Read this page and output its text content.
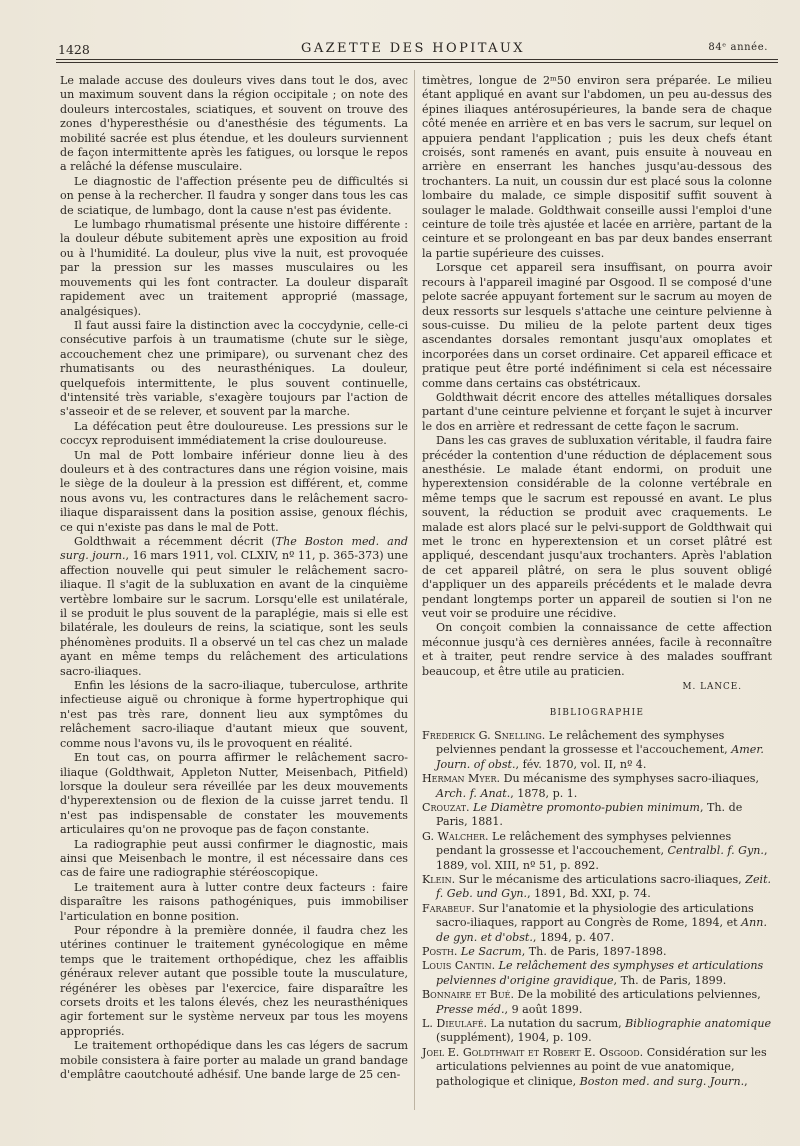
1428	GAZETTE DES HOPITAUX	84ᵉ année.

Le malade accuse des douleurs vives dans tout le dos, avec un maximum souvent dans la région occipitale ; on note des douleurs intercostales, sciatiques, et souvent on trouve des zones d'hyperesthésie ou d'anesthésie des téguments. La mobilité sacrée est plus étendue, et les douleurs surviennent de façon intermittente après les fatigues, ou lorsque le repos a relâché la défense musculaire.

Le diagnostic de l'affection présente peu de difficultés si on pense à la rechercher. Il faudra y songer dans tous les cas de sciatique, de lumbago, dont la cause n'est pas évidente.

Le lumbago rhumatismal présente une histoire différente : la douleur débute subitement après une exposition au froid ou à l'humidité. La douleur, plus vive la nuit, est provoquée par la pression sur les masses musculaires ou les mouvements qui les font contracter. La douleur disparaît rapidement avec un traitement approprié (massage, analgésiques).

Il faut aussi faire la distinction avec la coccydynie, celle-ci consécutive parfois à un traumatisme (chute sur le siège, accouchement chez une primipare), ou survenant chez des rhumatisants ou des neurasthéniques. La douleur, quelquefois intermittente, le plus souvent continuelle, d'intensité très variable, s'exagère toujours par l'action de s'asseoir et de se relever, et souvent par la marche.

La défécation peut être douloureuse. Les pressions sur le coccyx reproduisent immédiatement la crise douloureuse.

Un mal de Pott lombaire inférieur donne lieu à des douleurs et à des contractures dans une région voisine, mais le siège de la douleur à la pression est différent, et, comme nous avons vu, les contractures dans le relâchement sacro-iliaque disparaissent dans la position assise, genoux fléchis, ce qui n'existe pas dans le mal de Pott.

Goldthwait a récemment décrit (The Boston med. and surg. journ., 16 mars 1911, vol. CLXIV, nº 11, p. 365-373) une affection nouvelle qui peut simuler le relâchement sacro-iliaque. Il s'agit de la subluxation en avant de la cinquième vertèbre lombaire sur le sacrum. Lorsqu'elle est unilatérale, il se produit le plus souvent de la paraplégie, mais si elle est bilatérale, les douleurs de reins, la sciatique, sont les seuls phénomènes produits. Il a observé un tel cas chez un malade ayant en même temps du relâchement des articulations sacro-iliaques.

Enfin les lésions de la sacro-iliaque, tuberculose, arthrite infectieuse aiguë ou chronique à forme hypertrophique qui n'est pas très rare, donnent lieu aux symptômes du relâchement sacro-iliaque d'autant mieux que souvent, comme nous l'avons vu, ils le provoquent en réalité.

En tout cas, on pourra affirmer le relâchement sacro-iliaque (Goldthwait, Appleton Nutter, Meisenbach, Pitfield) lorsque la douleur sera réveillée par les deux mouvements d'hyperextension ou de flexion de la cuisse jarret tendu. Il n'est pas indispensable de constater les mouvements articulaires qu'on ne provoque pas de façon constante.

La radiographie peut aussi confirmer le diagnostic, mais ainsi que Meisenbach le montre, il est nécessaire dans ces cas de faire une radiographie stéréoscopique.

Le traitement aura à lutter contre deux facteurs : faire disparaître les raisons pathogéniques, puis immobiliser l'articulation en bonne position.

Pour répondre à la première donnée, il faudra chez les utérines continuer le traitement gynécologique en même temps que le traitement orthopédique, chez les affaiblis généraux relever autant que possible toute la musculature, régénérer les obèses par l'exercice, faire disparaître les corsets droits et les talons élevés, chez les neurasthéniques agir fortement sur le système nerveux par tous les moyens appropriés.

Le traitement orthopédique dans les cas légers de sacrum mobile consistera à faire porter au malade un grand bandage d'emplâtre caoutchouté adhésif. Une bande large de 25 cen-

timètres, longue de 2ᵐ50 environ sera préparée. Le milieu étant appliqué en avant sur l'abdomen, un peu au-dessus des épines iliaques antérosupérieures, la bande sera de chaque côté menée en arrière et en bas vers le sacrum, sur lequel on appuiera pendant l'application ; puis les deux chefs étant croisés, sont ramenés en avant, puis ensuite à nouveau en arrière en enserrant les hanches jusqu'au-dessous des trochanters. La nuit, un coussin dur est placé sous la colonne lombaire du malade, ce simple dispositif suffit souvent à soulager le malade. Goldthwait conseille aussi l'emploi d'une ceinture de toile très ajustée et lacée en arrière, partant de la ceinture et se prolongeant en bas par deux bandes enserrant la partie supérieure des cuisses.

Lorsque cet appareil sera insuffisant, on pourra avoir recours à l'appareil imaginé par Osgood. Il se composé d'une pelote sacrée appuyant fortement sur le sacrum au moyen de deux ressorts sur lesquels s'attache une ceinture pelvienne à sous-cuisse. Du milieu de la pelote partent deux tiges ascendantes dorsales remontant jusqu'aux omoplates et incorporées dans un corset ordinaire. Cet appareil efficace et pratique peut être porté indéfiniment si cela est nécessaire comme dans certains cas obstétricaux.

Goldthwait décrit encore des attelles métalliques dorsales partant d'une ceinture pelvienne et forçant le sujet à incurver le dos en arrière et redressant de cette façon le sacrum.

Dans les cas graves de subluxation véritable, il faudra faire précéder la contention d'une réduction de déplacement sous anesthésie. Le malade étant endormi, on produit une hyperextension considérable de la colonne vertébrale en même temps que le sacrum est repoussé en avant. Le plus souvent, la réduction se produit avec craquements. Le malade est alors placé sur le pelvi-support de Goldthwait qui met le tronc en hyperextension et un corset plâtré est appliqué, descendant jusqu'aux trochanters. Après l'ablation de cet appareil plâtré, on sera le plus souvent obligé d'appliquer un des appareils précédents et le malade devra pendant longtemps porter un appareil de soutien si l'on ne veut voir se produire une récidive.

On conçoit combien la connaissance de cette affection méconnue jusqu'à ces dernières années, facile à reconnaître et à traiter, peut rendre service à des malades souffrant beaucoup, et être utile au praticien.

M. LANCE.

BIBLIOGRAPHIE

Frederick G. Snelling. Le relâchement des symphyses pelviennes pendant la grossesse et l'accouchement, Amer. Journ. of obst., fév. 1870, vol. II, nº 4.

Herman Myer. Du mécanisme des symphyses sacro-iliaques, Arch. f. Anat., 1878, p. 1.

Crouzat. Le Diamètre promonto-pubien minimum, Th. de Paris, 1881.

G. Walcher. Le relâchement des symphyses pelviennes pendant la grossesse et l'accouchement, Centralbl. f. Gyn., 1889, vol. XIII, nº 51, p. 892.

Klein. Sur le mécanisme des articulations sacro-iliaques, Zeit. f. Geb. und Gyn., 1891, Bd. XXI, p. 74.

Farabeuf. Sur l'anatomie et la physiologie des articulations sacro-iliaques, rapport au Congrès de Rome, 1894, et Ann. de gyn. et d'obst., 1894, p. 407.

Posth. Le Sacrum, Th. de Paris, 1897-1898.

Louis Cantin. Le relâchement des symphyses et articulations pelviennes d'origine gravidique, Th. de Paris, 1899.

Bonnaire et Bué. De la mobilité des articulations pelviennes, Presse méd., 9 août 1899.

L. Dieulafé. La nutation du sacrum, Bibliographie anatomique (supplément), 1904, p. 109.

Joel E. Goldthwait et Robert E. Osgood. Considération sur les articulations pelviennes au point de vue anatomique, pathologique et clinique, Boston med. and surg. Journ.,
